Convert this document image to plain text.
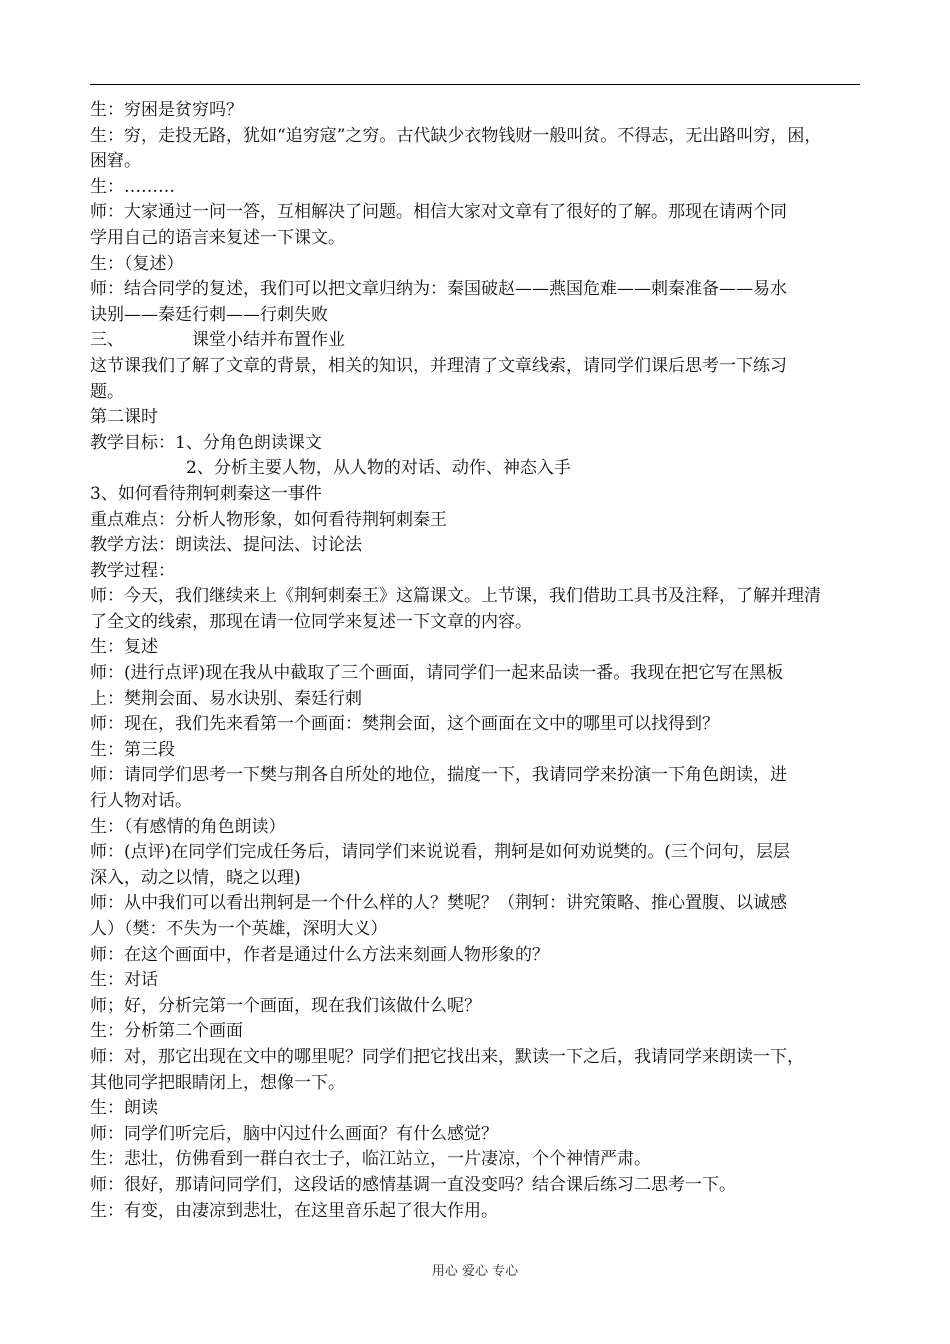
生：穷困是贫穷吗？
生：穷，走投无路，犹如“追穷寇”之穷。古代缺少衣物钱财一般叫贫。不得志，无出路叫穷，困，
困窘。
生：………
师：大家通过一问一答，互相解决了问题。相信大家对文章有了很好的了解。那现在请两个同
学用自己的语言来复述一下课文。
生：（复述）
师：结合同学的复述，我们可以把文章归纳为：秦国破赵——燕国危难——刺秦准备——易水
诀别——秦廷行刺——行刺失败
三、	课堂小结并布置作业
这节课我们了解了文章的背景，相关的知识，并理清了文章线索，请同学们课后思考一下练习
题。
第二课时
教学目标：1、分角色朗读课文
2、分析主要人物，从人物的对话、动作、神态入手
3、如何看待荆轲刺秦这一事件
重点难点：分析人物形象，如何看待荆轲刺秦王
教学方法：朗读法、提问法、讨论法
教学过程：
师：今天，我们继续来上《荆轲刺秦王》这篇课文。上节课，我们借助工具书及注释，了解并理清
了全文的线索，那现在请一位同学来复述一下文章的内容。
生：复述
师：(进行点评)现在我从中截取了三个画面，请同学们一起来品读一番。我现在把它写在黑板
上：樊荆会面、易水诀别、秦廷行刺
师：现在，我们先来看第一个画面：樊荆会面，这个画面在文中的哪里可以找得到？
生：第三段
师：请同学们思考一下樊与荆各自所处的地位，揣度一下，我请同学来扮演一下角色朗读，进
行人物对话。
生：（有感情的角色朗读）
师：(点评)在同学们完成任务后，请同学们来说说看，荆轲是如何劝说樊的。(三个问句，层层
深入，动之以情，晓之以理)
师：从中我们可以看出荆轲是一个什么样的人？樊呢？（荆轲：讲究策略、推心置腹、以诚感
人）（樊：不失为一个英雄，深明大义）
师：在这个画面中，作者是通过什么方法来刻画人物形象的？
生：对话
师；好，分析完第一个画面，现在我们该做什么呢？
生：分析第二个画面
师：对，那它出现在文中的哪里呢？同学们把它找出来，默读一下之后，我请同学来朗读一下，
其他同学把眼睛闭上，想像一下。
生：朗读
师：同学们听完后，脑中闪过什么画面？有什么感觉？
生：悲壮，仿佛看到一群白衣士子，临江站立，一片凄凉，个个神情严肃。
师：很好，那请问同学们，这段话的感情基调一直没变吗？结合课后练习二思考一下。
生：有变，由凄凉到悲壮，在这里音乐起了很大作用。
用心 爱心 专心
